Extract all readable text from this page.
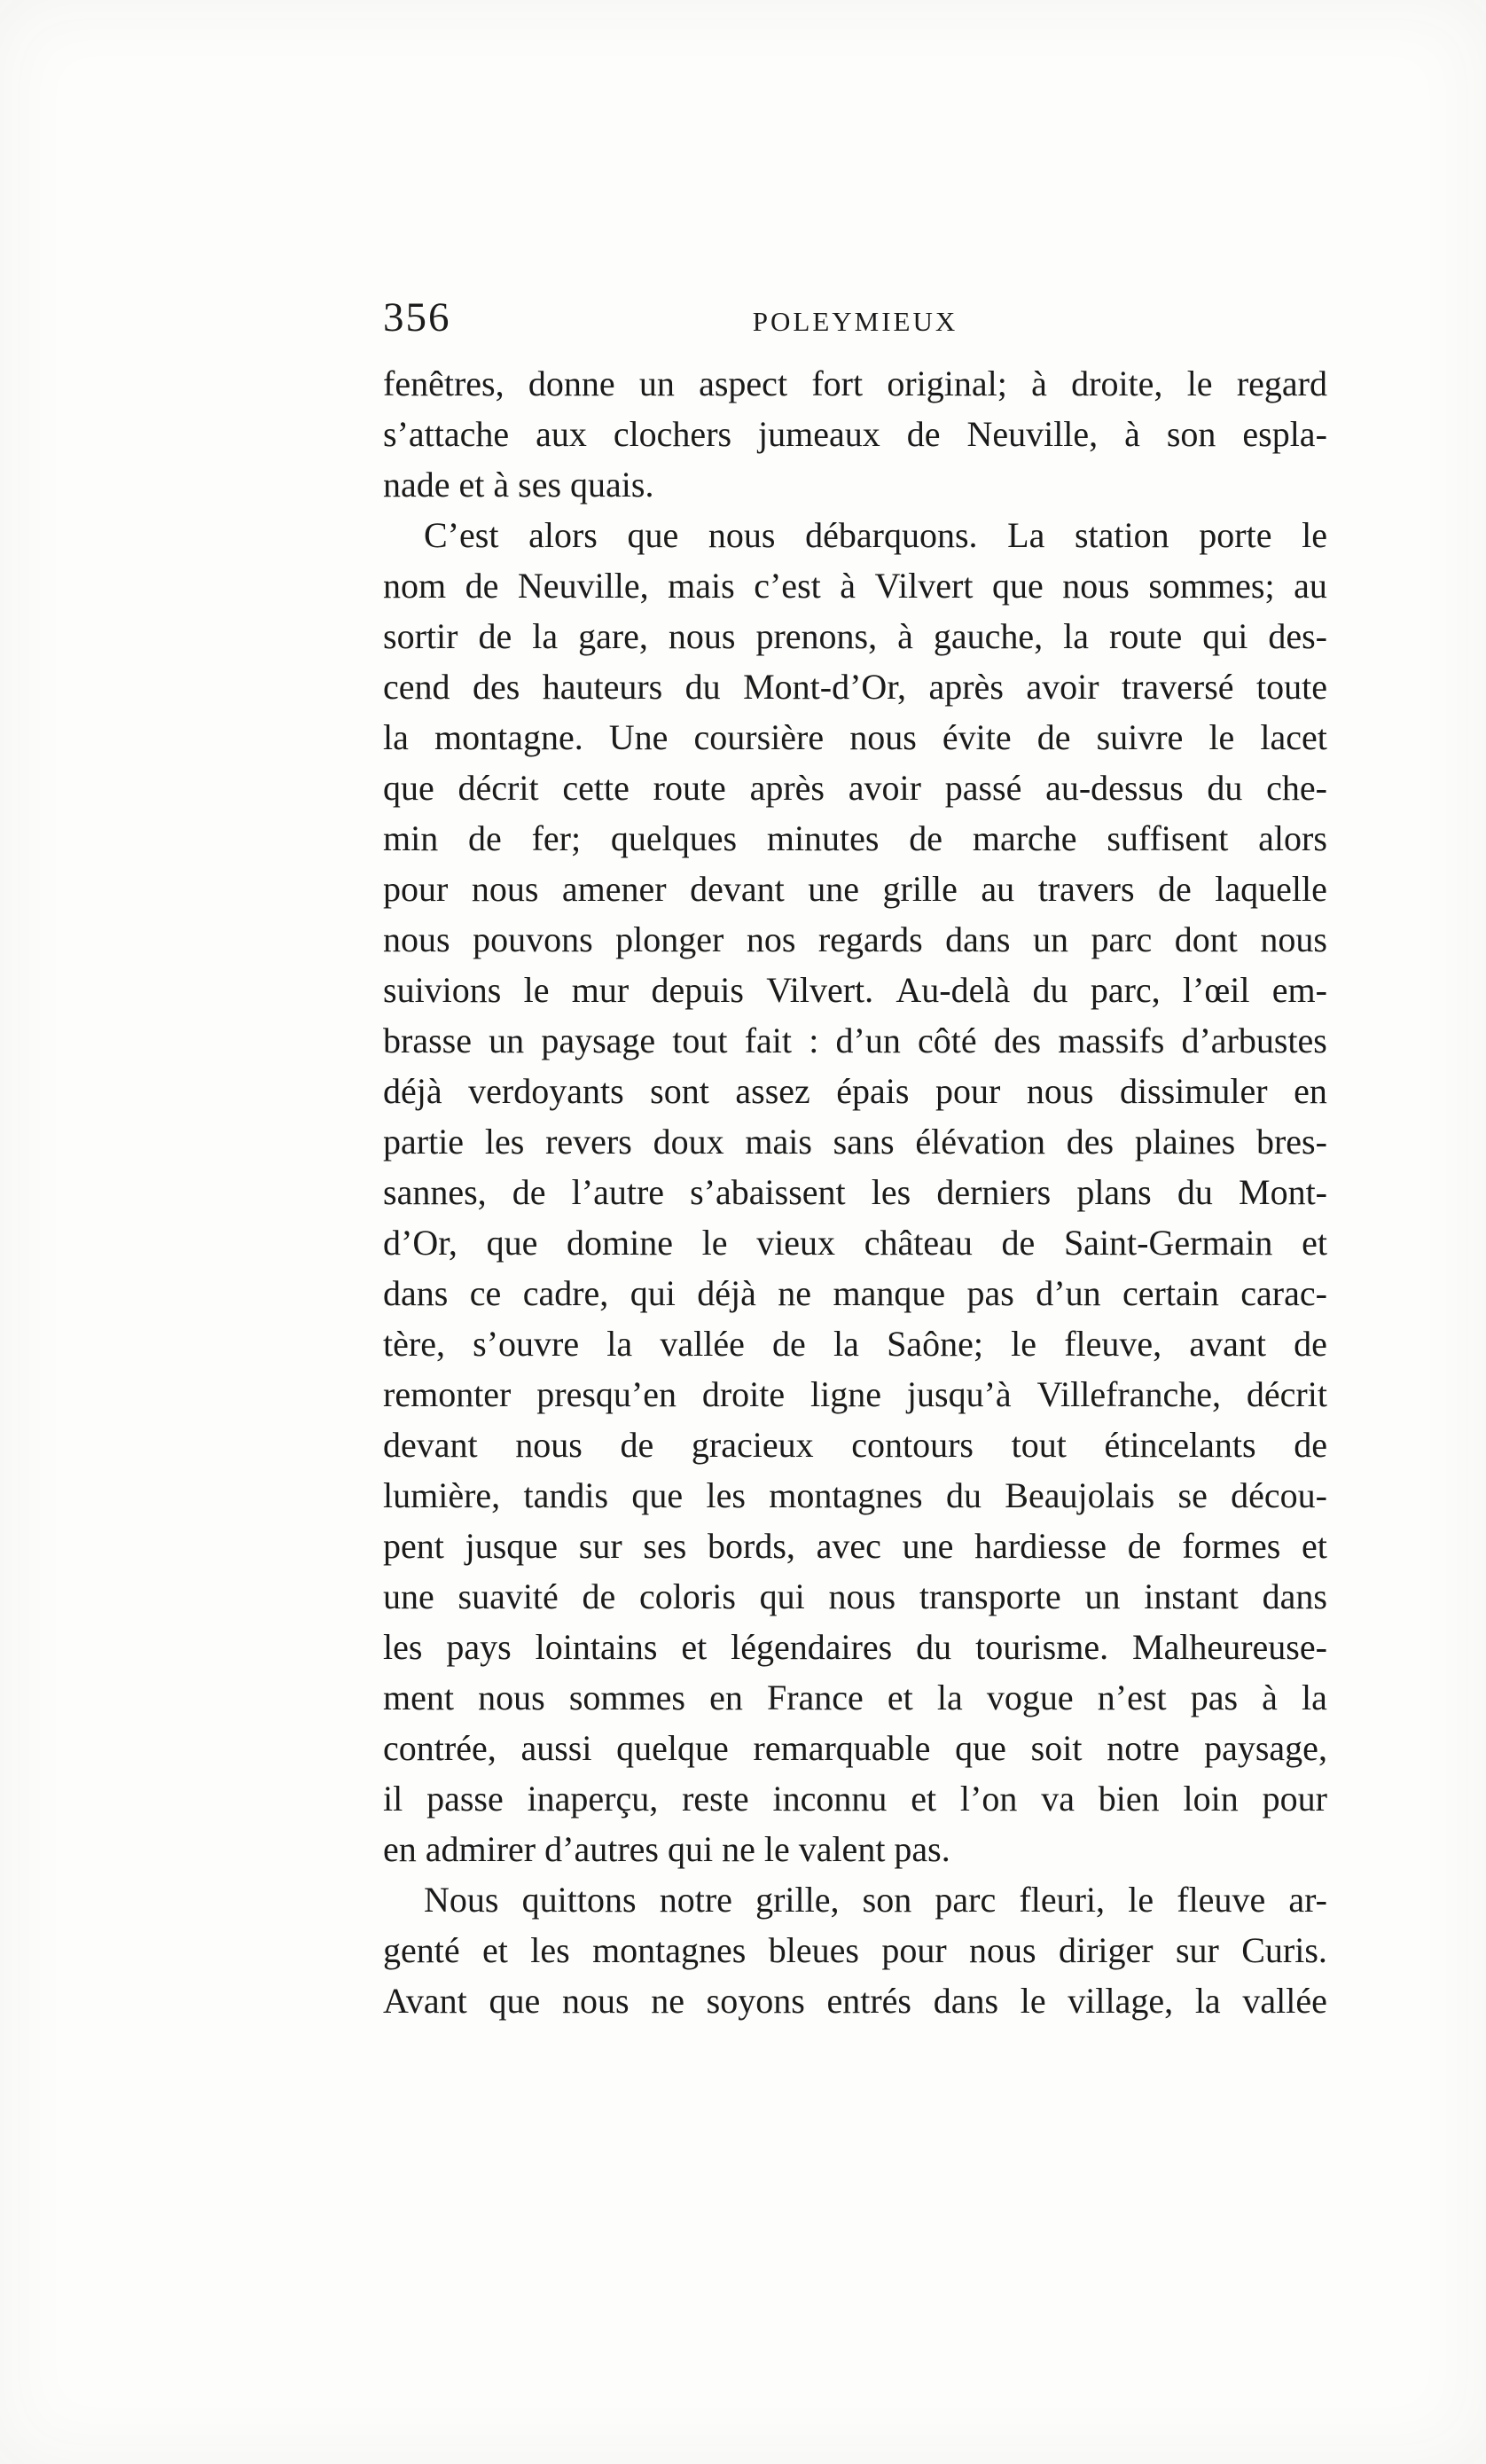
356	POLEYMIEUX
fenêtres, donne un aspect fort original; à droite, le regard
s’attache aux clochers jumeaux de Neuville, à son espla-
nade et à ses quais.
C’est alors que nous débarquons. La station porte le
nom de Neuville, mais c’est à Vilvert que nous sommes; au
sortir de la gare, nous prenons, à gauche, la route qui des-
cend des hauteurs du Mont-d’Or, après avoir traversé toute
la montagne. Une coursière nous évite de suivre le lacet
que décrit cette route après avoir passé au-dessus du che-
min de fer; quelques minutes de marche suffisent alors
pour nous amener devant une grille au travers de laquelle
nous pouvons plonger nos regards dans un parc dont nous
suivions le mur depuis Vilvert. Au-delà du parc, l’œil em-
brasse un paysage tout fait : d’un côté des massifs d’arbustes
déjà verdoyants sont assez épais pour nous dissimuler en
partie les revers doux mais sans élévation des plaines bres-
sannes, de l’autre s’abaissent les derniers plans du Mont-
d’Or, que domine le vieux château de Saint-Germain et
dans ce cadre, qui déjà ne manque pas d’un certain carac-
tère, s’ouvre la vallée de la Saône; le fleuve, avant de
remonter presqu’en droite ligne jusqu’à Villefranche, décrit
devant nous de gracieux contours tout étincelants de
lumière, tandis que les montagnes du Beaujolais se décou-
pent jusque sur ses bords, avec une hardiesse de formes et
une suavité de coloris qui nous transporte un instant dans
les pays lointains et légendaires du tourisme. Malheureuse-
ment nous sommes en France et la vogue n’est pas à la
contrée, aussi quelque remarquable que soit notre paysage,
il passe inaperçu, reste inconnu et l’on va bien loin pour
en admirer d’autres qui ne le valent pas.
Nous quittons notre grille, son parc fleuri, le fleuve ar-
genté et les montagnes bleues pour nous diriger sur Curis.
Avant que nous ne soyons entrés dans le village, la vallée
